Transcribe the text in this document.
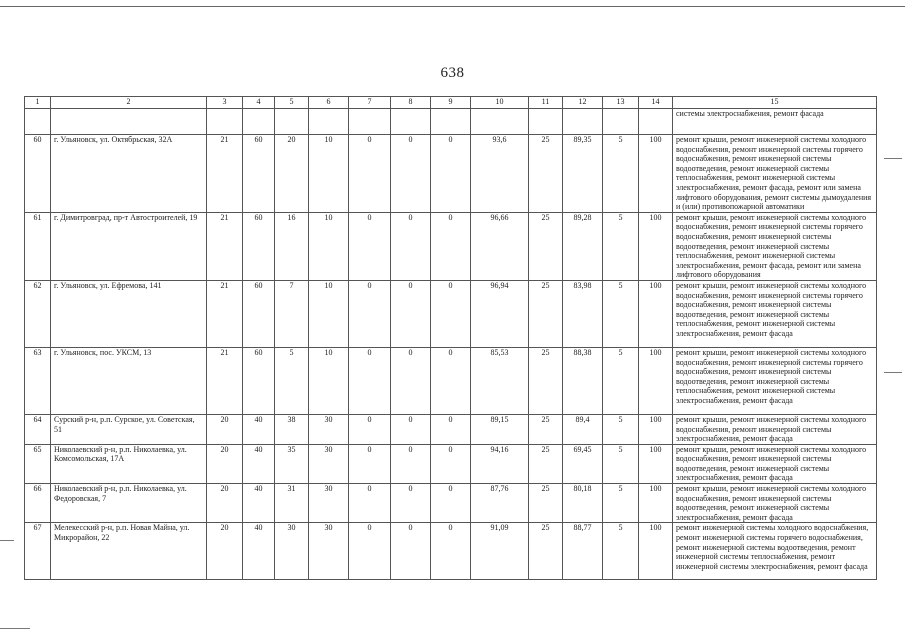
638
1	2	3	4	5	6	7	8	9	10	11	12	13	14	15
														системы электроснабжения, ремонт фасада
60	г. Ульяновск, ул. Октябрьская, 32А	21	60	20	10	0	0	0	93,6	25	89,35	5	100	ремонт крыши, ремонт инженерной системы холодного водоснабжения, ремонт инженерной системы горячего водоснабжения, ремонт инженерной системы водоотведения, ремонт инженерной системы теплоснабжения, ремонт инженерной системы электроснабжения, ремонт фасада, ремонт или замена лифтового оборудования, ремонт системы дымоудаления и (или) противопожарной автоматики
61	г. Димитровград, пр-т Автостроителей, 19	21	60	16	10	0	0	0	96,66	25	89,28	5	100	ремонт крыши, ремонт инженерной системы холодного водоснабжения, ремонт инженерной системы горячего водоснабжения, ремонт инженерной системы водоотведения, ремонт инженерной системы теплоснабжения, ремонт инженерной системы электроснабжения, ремонт фасада, ремонт или замена лифтового оборудования
62	г. Ульяновск, ул. Ефремова, 141	21	60	7	10	0	0	0	96,94	25	83,98	5	100	ремонт крыши, ремонт инженерной системы холодного водоснабжения, ремонт инженерной системы горячего водоснабжения, ремонт инженерной системы водоотведения, ремонт инженерной системы теплоснабжения, ремонт инженерной системы электроснабжения, ремонт фасада
63	г. Ульяновск, пос. УКСМ, 13	21	60	5	10	0	0	0	85,53	25	88,38	5	100	ремонт крыши, ремонт инженерной системы холодного водоснабжения, ремонт инженерной системы горячего водоснабжения, ремонт инженерной системы водоотведения, ремонт инженерной системы теплоснабжения, ремонт инженерной системы электроснабжения, ремонт фасада
64	Сурский р-н, р.п. Сурское, ул. Советская, 51	20	40	38	30	0	0	0	89,15	25	89,4	5	100	ремонт крыши, ремонт инженерной системы холодного водоснабжения, ремонт инженерной системы электроснабжения, ремонт фасада
65	Николаевский р-н, р.п. Николаевка, ул. Комсомольская, 17А	20	40	35	30	0	0	0	94,16	25	69,45	5	100	ремонт крыши, ремонт инженерной системы холодного водоснабжения, ремонт инженерной системы водоотведения, ремонт инженерной системы электроснабжения, ремонт фасада
66	Николаевский р-н, р.п. Николаевка, ул. Федоровская, 7	20	40	31	30	0	0	0	87,76	25	80,18	5	100	ремонт крыши, ремонт инженерной системы холодного водоснабжения, ремонт инженерной системы водоотведения, ремонт инженерной системы электроснабжения, ремонт фасада
67	Мелекесский р-н, р.п. Новая Майна, ул. Микрорайон, 22	20	40	30	30	0	0	0	91,09	25	88,77	5	100	ремонт инженерной системы холодного водоснабжения, ремонт инженерной системы горячего водоснабжения, ремонт инженерной системы водоотведения, ремонт инженерной системы теплоснабжения, ремонт инженерной системы электроснабжения, ремонт фасада
